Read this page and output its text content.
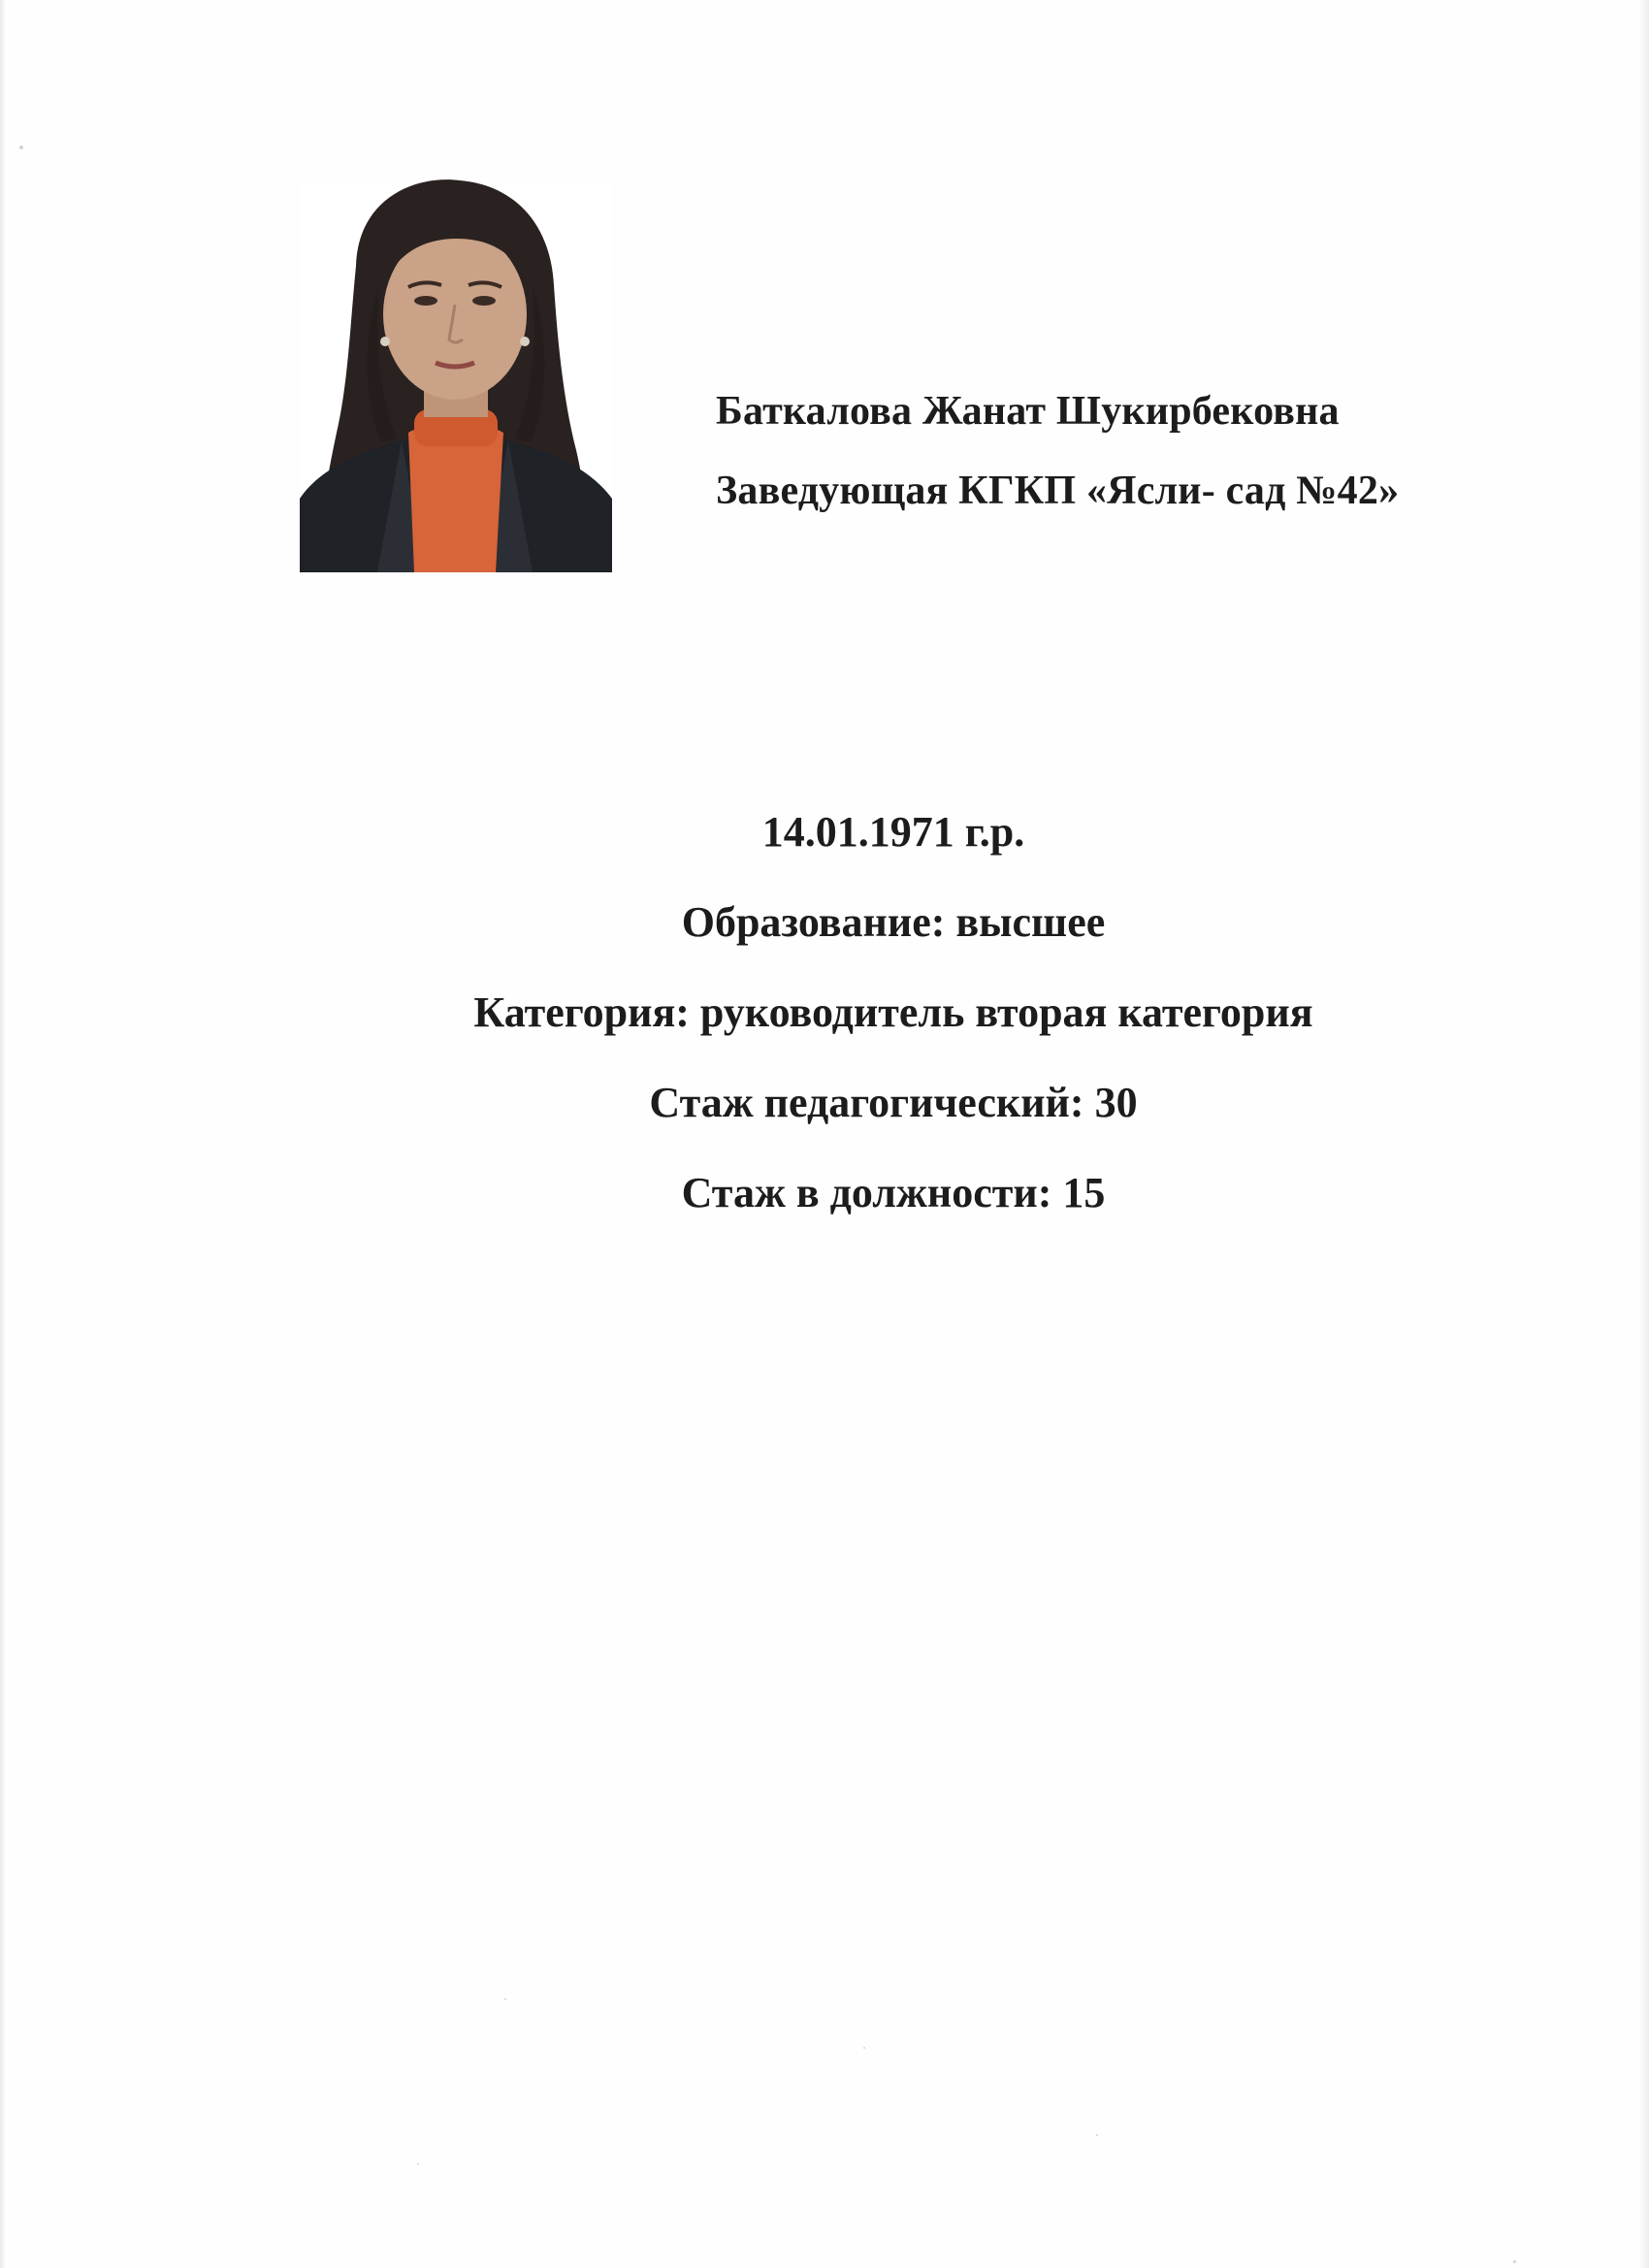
Баткалова Жанат Шукирбековна
Заведующая КГКП «Ясли- сад №42»
14.01.1971 г.р.
Образование: высшее
Категория: руководитель вторая категория
Стаж педагогический: 30
Стаж в должности: 15
